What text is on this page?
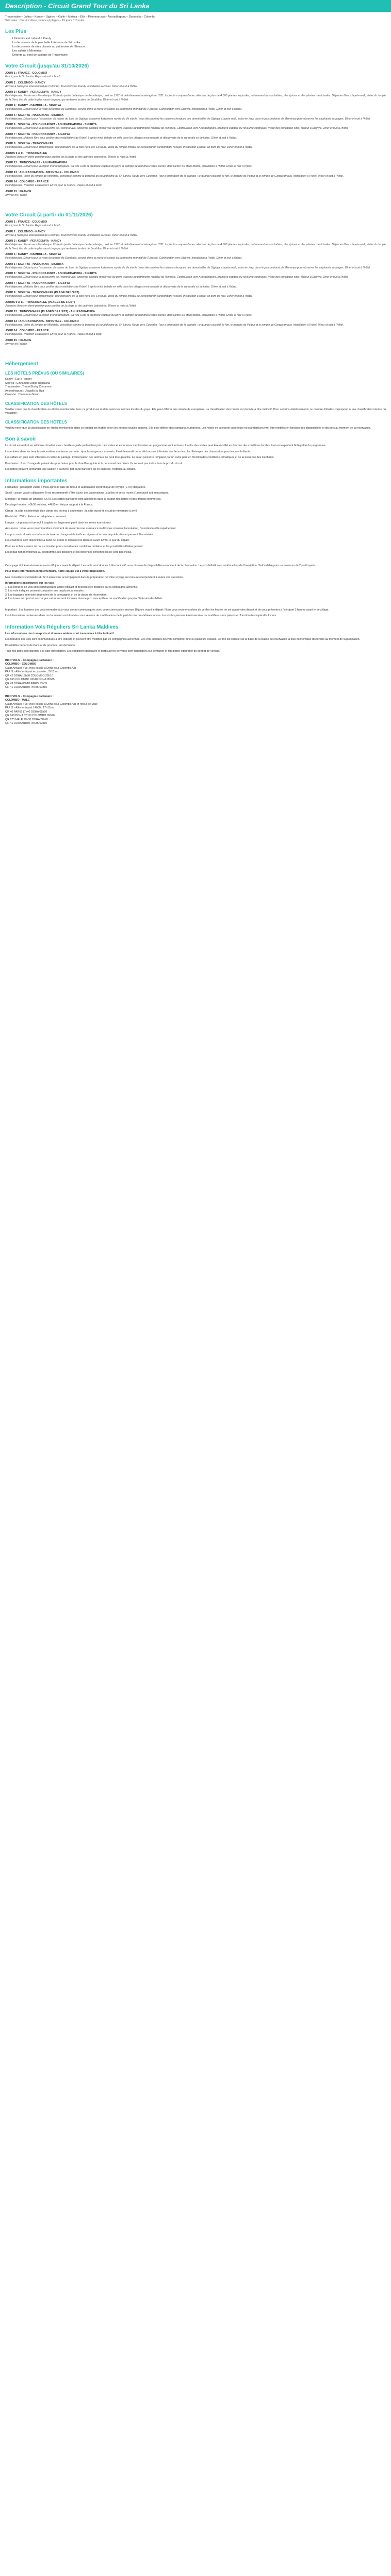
Description - Circuit Grand Tour du Sri Lanka

Trincomalee – Jaffna – Kandy – Sigiriya – Galle – Mirissa – Ella – Polonnaruwa – Anuradhapura – Dambulla – Colombo

Sri Lanka : Circuit culture, nature et plages – 15 jours / 13 nuits

Les Plus
• L'itinéraire est culturel à Kandy
• La découverte de la plus belle forteresse de Sri Lanka
• La découverte de sites classés au patrimoine de l'Unesco
• Les safaris à Minneriya
• Détente au bord de la plage de Trincomalee
Votre Circuit (jusqu'au 31/10/2026)

JOUR 1 : FRANCE - COLOMBO

Envol pour le Sri Lanka. Repas et nuit à bord.

JOUR 2 : COLOMBO - KANDY

Arrivée à l'aéroport international de Colombo. Transfert vers Kandy. Installation à l'hôtel. Dîner et nuit à l'hôtel.

JOUR 3 : KANDY - PERADENIYA - KANDY

Petit déjeuner. Route vers Peradeniya. Visite du jardin botanique de Peradeniya, créé en 1371 et définitivement aménagé en 1821. Le jardin comprend une collection de plus de 4 000 plantes tropicales, notamment des orchidées, des épices et des plantes médicinales. Déjeuner libre. L'après-midi, visite du temple de la Dent, lieu de culte le plus sacré du pays, qui renferme la dent de Bouddha. Dîner et nuit à l'hôtel.

JOUR 4 : KANDY - DAMBULLA - SIGIRIYA

Petit déjeuner. Départ pour la visite du temple de Dambulla, creusé dans la roche et classé au patrimoine mondial de l'Unesco. Continuation vers Sigiriya. Installation à l'hôtel. Dîner et nuit à l'hôtel.

JOUR 5 : SIGIRIYA - HABARANA - SIGIRIYA

Petit déjeuner. Départ pour l'ascension du rocher du Lion de Sigiriya, ancienne forteresse royale du Ve siècle. Vous découvrirez les célèbres fresques des demoiselles de Sigiriya. L'après-midi, safari en jeep dans le parc national de Minneriya pour observer les éléphants sauvages. Dîner et nuit à l'hôtel.

JOUR 6 : SIGIRIYA - POLONNARUWA - ANURADHAPURA - SIGIRIYA

Petit déjeuner. Départ pour la découverte de Polonnaruwa, ancienne capitale médiévale du pays, classée au patrimoine mondial de l'Unesco. Continuation vers Anuradhapura, première capitale du royaume cinghalais. Visite des principaux sites. Retour à Sigiriya. Dîner et nuit à l'hôtel.

JOUR 7 : SIGIRIYA - POLONNARUWA - SIGIRIYA

Petit déjeuner. Matinée libre pour profiter des installations de l'hôtel. L'après-midi, balade en vélo dans les villages environnants et découverte de la vie rurale sri lankaise. Dîner et nuit à l'hôtel.

JOUR 8 : SIGIRIYA - TRINCOMALEE

Petit déjeuner. Départ pour Trincomalee, ville portuaire de la côte nord-est. En route, visite du temple hindou de Koneswaram surplombant l'océan. Installation à l'hôtel en bord de mer. Dîner et nuit à l'hôtel.

JOURS 9 A 11 : TRINCOMALEE

Journées libres en demi-pension pour profiter de la plage et des activités balnéaires. Dîners et nuits à l'hôtel.

JOUR 12 : TRINCOMALEE - ANURADHAPURA

Petit déjeuner. Départ pour la région d'Anuradhapura. La ville a été la première capitale du pays et compte de nombreux sites sacrés, dont l'arbre Sri Maha Bodhi. Installation à l'hôtel. Dîner et nuit à l'hôtel.

JOUR 13 : ANURADHAPURA - MIHINTALE - COLOMBO

Petit déjeuner. Visite du temple de Mihintale, considéré comme le berceau du bouddhisme au Sri Lanka. Route vers Colombo. Tour d'orientation de la capitale : le quartier colonial, le fort, le marché de Pettah et le temple de Gangaramaya. Installation à l'hôtel. Dîner et nuit à l'hôtel.

JOUR 14 : COLOMBO - FRANCE

Petit déjeuner. Transfert à l'aéroport. Envol pour la France. Repas et nuit à bord.

JOUR 15 : FRANCE

Arrivée en France.

Votre Circuit (à partir du 01/11/2026)

JOUR 1 : FRANCE - COLOMBO

Envol pour le Sri Lanka. Repas et nuit à bord.

JOUR 2 : COLOMBO - KANDY

Arrivée à l'aéroport international de Colombo. Transfert vers Kandy. Installation à l'hôtel. Dîner et nuit à l'hôtel.

JOUR 3 : KANDY - PERADENIYA - KANDY

Petit déjeuner. Route vers Peradeniya. Visite du jardin botanique de Peradeniya, créé en 1371 et définitivement aménagé en 1821. Le jardin comprend une collection de plus de 4 000 plantes tropicales, notamment des orchidées, des épices et des plantes médicinales. Déjeuner libre. L'après-midi, visite du temple de la Dent, lieu de culte le plus sacré du pays, qui renferme la dent de Bouddha. Dîner et nuit à l'hôtel.

JOUR 4 : KANDY - DAMBULLA - SIGIRIYA

Petit déjeuner. Départ pour la visite du temple de Dambulla, creusé dans la roche et classé au patrimoine mondial de l'Unesco. Continuation vers Sigiriya. Installation à l'hôtel. Dîner et nuit à l'hôtel.

JOUR 5 : SIGIRIYA - HABARANA - SIGIRIYA

Petit déjeuner. Départ pour l'ascension du rocher du Lion de Sigiriya, ancienne forteresse royale du Ve siècle. Vous découvrirez les célèbres fresques des demoiselles de Sigiriya. L'après-midi, safari en jeep dans le parc national de Minneriya pour observer les éléphants sauvages. Dîner et nuit à l'hôtel.

JOUR 6 : SIGIRIYA - POLONNARUWA - ANURADHAPURA - SIGIRIYA

Petit déjeuner. Départ pour la découverte de Polonnaruwa, ancienne capitale médiévale du pays, classée au patrimoine mondial de l'Unesco. Continuation vers Anuradhapura, première capitale du royaume cinghalais. Visite des principaux sites. Retour à Sigiriya. Dîner et nuit à l'hôtel.

JOUR 7 : SIGIRIYA - POLONNARUWA - SIGIRIYA

Petit déjeuner. Matinée libre pour profiter des installations de l'hôtel. L'après-midi, balade en vélo dans les villages environnants et découverte de la vie rurale sri lankaise. Dîner et nuit à l'hôtel.

JOUR 8 : SIGIRIYA - TRINCOMALEE (PLAGE DE L'EST)

Petit déjeuner. Départ pour Trincomalee, ville portuaire de la côte nord-est. En route, visite du temple hindou de Koneswaram surplombant l'océan. Installation à l'hôtel en bord de mer. Dîner et nuit à l'hôtel.

JOURS 9 A 11 : TRINCOMALEE (PLAGES DE L'EST)

Journées libres en demi-pension pour profiter de la plage et des activités balnéaires. Dîners et nuits à l'hôtel.

JOUR 12 : TRINCOMALEE (PLAGES DE L'EST) - ANURADHAPURA

Petit déjeuner. Départ pour la région d'Anuradhapura. La ville a été la première capitale du pays et compte de nombreux sites sacrés, dont l'arbre Sri Maha Bodhi. Installation à l'hôtel. Dîner et nuit à l'hôtel.

JOUR 13 : ANURADHAPURA - MIHINTALE - COLOMBO

Petit déjeuner. Visite du temple de Mihintale, considéré comme le berceau du bouddhisme au Sri Lanka. Route vers Colombo. Tour d'orientation de la capitale : le quartier colonial, le fort, le marché de Pettah et le temple de Gangaramaya. Installation à l'hôtel. Dîner et nuit à l'hôtel.

JOUR 14 : COLOMBO - FRANCE

Petit déjeuner. Transfert à l'aéroport. Envol pour la France. Repas et nuit à bord.

JOUR 15 : FRANCE

Arrivée en France.

Hébergement
LES HÔTELS PRÉVUS (OU SIMILAIRES)

Kandy : Earl's Regent

Sigiriya : Cinnamon Lodge Habarana

Trincomalee : Trinco Blu by Cinnamon

Anuradhapura : Ulagalla by Uga

Colombo : Cinnamon Grand

CLASSIFICATION DES HÔTELS

Veuillez noter que la classification en étoiles mentionnée dans ce produit est établie selon les normes locales du pays. Elle peut différer des standards européens. La classification des hôtels est donnée à titre indicatif. Pour certains établissements, le nombre d'étoiles correspond à une classification interne du voyagiste.

CLASSIFICATION DES HÔTELS

Veuillez noter que la classification en étoiles mentionnée dans ce produit est établie selon les normes locales du pays. Elle peut différer des standards européens. Les hôtels en catégorie supérieure ou standard peuvent être modifiés en fonction des disponibilités et des prix au moment de la réservation.

Bon à savoir

Le circuit est réalisé en véhicule climatisé avec chauffeur-guide parlant français. Les visites et excursions mentionnées au programme sont incluses. L'ordre des visites peut être modifié en fonction des conditions locales, tout en respectant l'intégralité du programme.

Les entrées dans les temples nécessitent une tenue correcte : épaules et genoux couverts. Il est demandé de se déchausser à l'entrée des lieux de culte. Prévoyez des chaussettes pour les sols brûlants.

Les safaris en jeep sont effectués en véhicule partagé. L'observation des animaux ne peut être garantie. Le safari peut être remplacé par un autre parc en fonction des conditions climatiques et de la présence des éléphants.

Pourboires : il est d'usage de prévoir des pourboires pour le chauffeur-guide et le personnel des hôtels. Ils ne sont pas inclus dans le prix du circuit.

Les hôtels peuvent demander une caution à l'arrivée, par carte bancaire ou en espèces, restituée au départ.

Informations importantes

Formalités : passeport valide 6 mois après la date de retour et autorisation électronique de voyage (ETA) obligatoire.

Santé : aucun vaccin obligatoire. Il est recommandé d'être à jour des vaccinations usuelles et de se munir d'un répulsif anti-moustiques.

Monnaie : la roupie sri lankaise (LKR). Les cartes bancaires sont acceptées dans la plupart des hôtels et des grands commerces.

Décalage horaire : +3h30 en hiver, +4h30 en été par rapport à la France.

Climat : la côte est bénéficie d'un climat sec de mai à septembre ; la côte ouest et le sud de novembre à avril.

Électricité : 230 V. Prévoir un adaptateur universel.

Langue : cinghalais et tamoul. L'anglais est largement parlé dans les zones touristiques.

Assurance : nous vous recommandons vivement de souscrire une assurance multirisque couvrant l'annulation, l'assistance et le rapatriement.

Les prix sont calculés sur la base de taux de change et de tarifs en vigueur à la date de publication et peuvent être révisés.

Les chambres sont disponibles à partir de 14h00 et doivent être libérées avant 12h00 le jour du départ.

Pour les enfants, merci de nous consulter pour connaître les conditions tarifaires et les possibilités d'hébergement.

Les repas non mentionnés au programme, les boissons et les dépenses personnelles ne sont pas inclus.

Ce voyage doit être réservé au moins 60 jours avant le départ. Les tarifs sont donnés à titre indicatif, sous réserve de disponibilité au moment de la réservation. Le prix définitif sera confirmé lors de l'inscription. Tarif valable pour un minimum de 2 participants.

Pour toute information complémentaire, notre équipe est à votre disposition.

Nos conseillers spécialistes du Sri Lanka vous accompagnent dans la préparation de votre voyage sur mesure et répondent à toutes vos questions.

Informations importantes sur les vols

1. Les horaires de vols sont communiqués à titre indicatif et peuvent être modifiés par la compagnie aérienne.

2. Les vols indiqués peuvent comporter une ou plusieurs escales.

3. Les bagages autorisés dépendent de la compagnie et de la classe de réservation.

4. Les taxes aéroport et surcharges carburant sont incluses dans le prix, susceptibles de modification jusqu'à l'émission des billets.

Important : Les horaires des vols internationaux vous seront communiqués avec votre convocation environ 10 jours avant le départ. Nous vous recommandons de vérifier les heures de vol avant votre départ et de vous présenter à l'aéroport 3 heures avant le décollage.

Les informations contenues dans ce document sont données sous réserve de modifications de la part de nos prestataires locaux. Les visites peuvent être inversées ou modifiées sans préavis en fonction des impératifs locaux.

Information Vols Réguliers Sri Lanka Maldives

Les informations des transports et douanes aériens sont transmises à titre indicatif.

Les horaires des vols sont communiqués à titre indicatif et peuvent être modifiés par les compagnies aériennes. Les vols indiqués peuvent comporter une ou plusieurs escales. Le prix est calculé sur la base de la classe de réservation la plus économique disponible au moment de la publication.

Possibilités départs de Paris et de province, sur demande.

Tous nos tarifs sont garantis à la date d'inscription. Les conditions générales et particulières de vente sont disponibles sur demande et font partie intégrante du contrat de voyage.

INFO VOLS – Compagnie Partenaire :

COLOMBO - COLOMBO

Qatar Airways : Vol avec escale à Doha pour Colombo A/R

PARIS - Aller le départ en journée ; 7h15 ou

QR 42 DOHA 15h50 COLOMBO 22h10

QR 665 COLOMBO 03h10 DOHA 05h35

QR 43 DOHA 08h10 PARIS 13h35

QR 41 DOHA 01h50 PARIS 07h10

INFO VOLS – Compagnie Partenaire :

COLOMBO - MALE

Qatar Airways : Vol avec escale à Doha pour Colombo A/R et retour de Malé

PARIS - Aller le départ 14h00 ; 17h15 ou

QR 40 PARIS 17h40 DOHA 01h20

QR 668 DOHA 02h30 COLOMBO 09h20

QR 675 MALE 19h30 DOHA 22h45

QR 41 DOHA 01h50 PARIS 07h10
